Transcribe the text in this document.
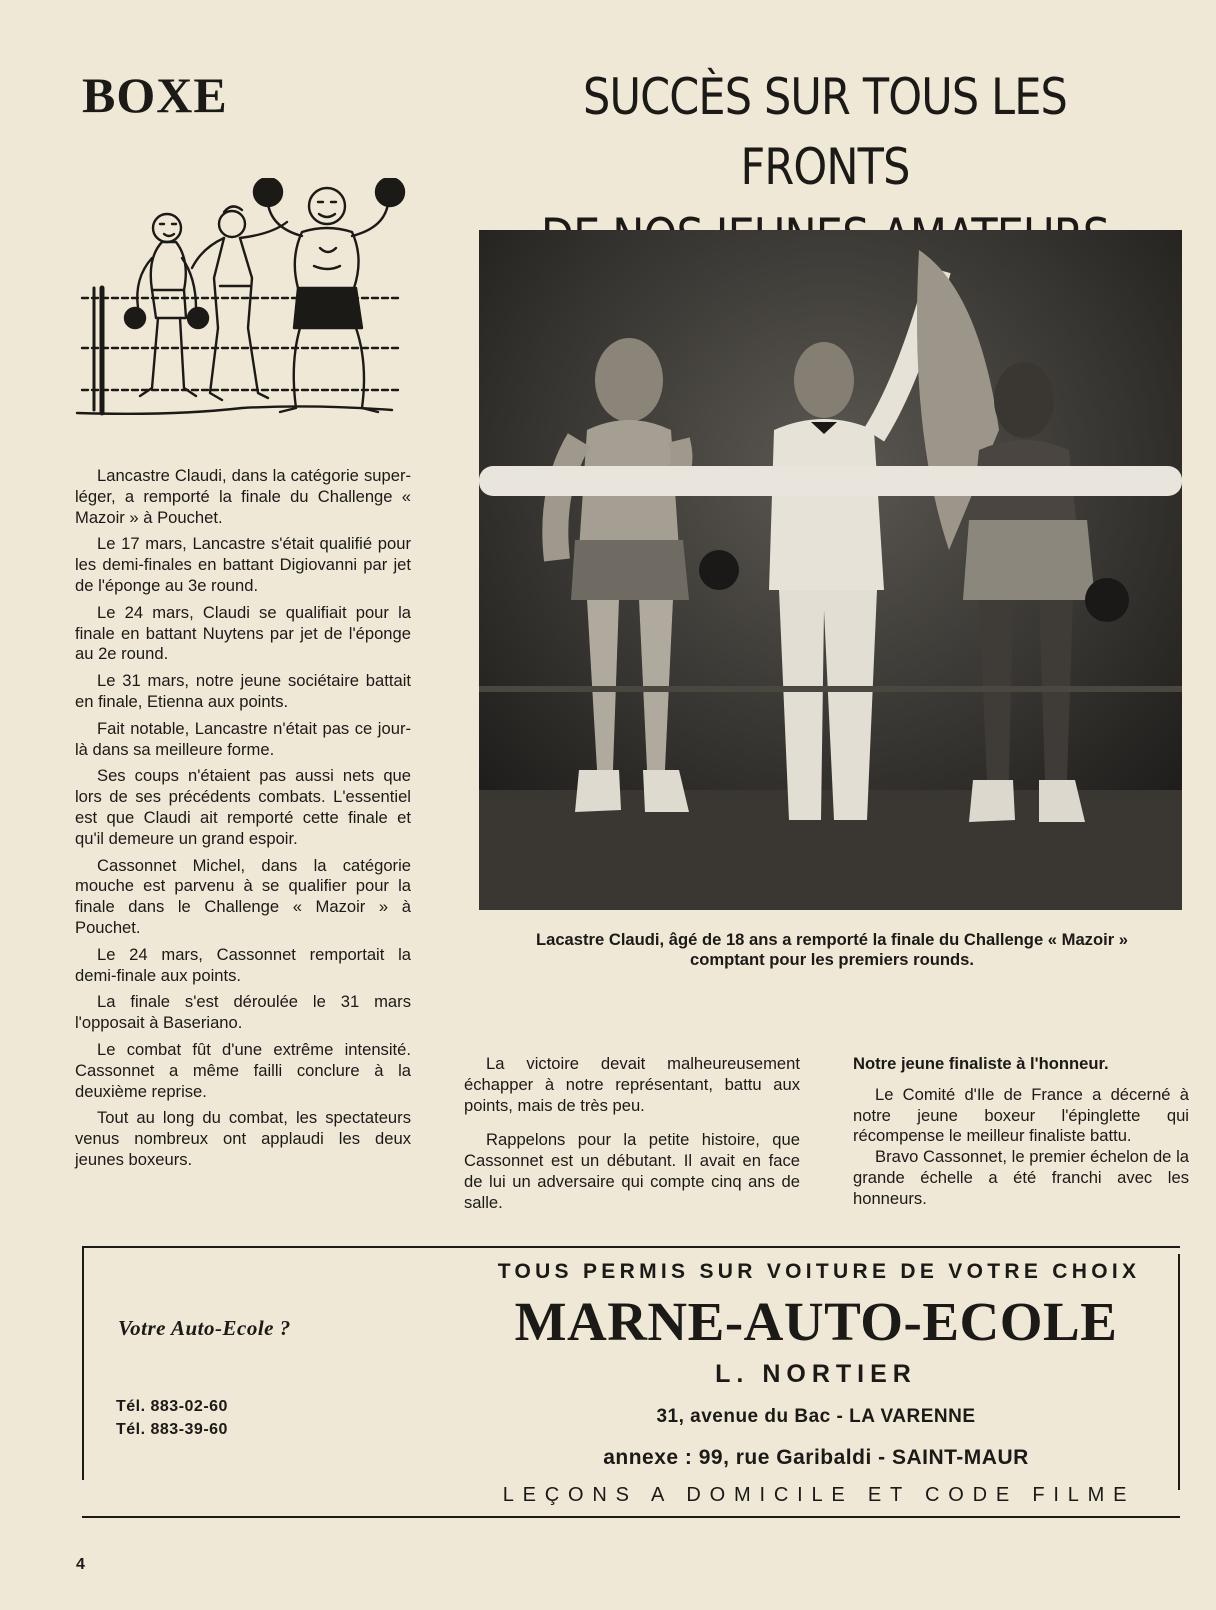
BOXE	SUCCÈS SUR TOUS LES FRONTS

Lancastre Claudi, dans la catégorie super-léger, a remporté la finale du Challenge « Mazoir » à Pouchet.

Le 17 mars, Lancastre s'était qualifié pour les demi-finales en battant Digiovanni par jet de l'éponge au 3e round.

Le 24 mars, Claudi se qualifiait pour la finale en battant Nuytens par jet de l'éponge au 2e round.

Le 31 mars, notre jeune sociétaire battait en finale, Etienna aux points.

Fait notable, Lancastre n'était pas ce jour-là dans sa meilleure forme.

Ses coups n'étaient pas aussi nets que lors de ses précédents combats. L'essentiel est que Claudi ait remporté cette finale et qu'il demeure un grand espoir.

Cassonnet Michel, dans la catégorie mouche est parvenu à se qualifier pour la finale dans le Challenge « Mazoir » à Pouchet.

Le 24 mars, Cassonnet remportait la demi-finale aux points.

La finale s'est déroulée le 31 mars l'opposait à Baseriano.

Le combat fût d'une extrême intensité. Cassonnet a même failli conclure à la deuxième reprise.

Tout au long du combat, les spectateurs venus nombreux ont applaudi les deux jeunes boxeurs.

Lacastre Claudi, âgé de 18 ans a remporté la finale du Challenge « Mazoir »
comptant pour les premiers rounds.

La victoire devait malheureusement échapper à notre représentant, battu aux points, mais de très peu.

Rappelons pour la petite histoire, que Cassonnet est un débutant. Il avait en face de lui un adversaire qui compte cinq ans de salle.

Notre jeune finaliste à l'honneur.

Le Comité d'Ile de France a décerné à notre jeune boxeur l'épinglette qui récompense le meilleur finaliste battu.

Bravo Cassonnet, le premier échelon de la grande échelle a été franchi avec les honneurs.

Votre Auto-Ecole ?
Tél. 883-02-60
Tél. 883-39-60
TOUS PERMIS SUR VOITURE DE VOTRE CHOIX
MARNE-AUTO-ECOLE
L. NORTIER
31, avenue du Bac - LA VARENNE
annexe : 99, rue Garibaldi - SAINT-MAUR
LEÇONS A DOMICILE ET CODE FILME
4
